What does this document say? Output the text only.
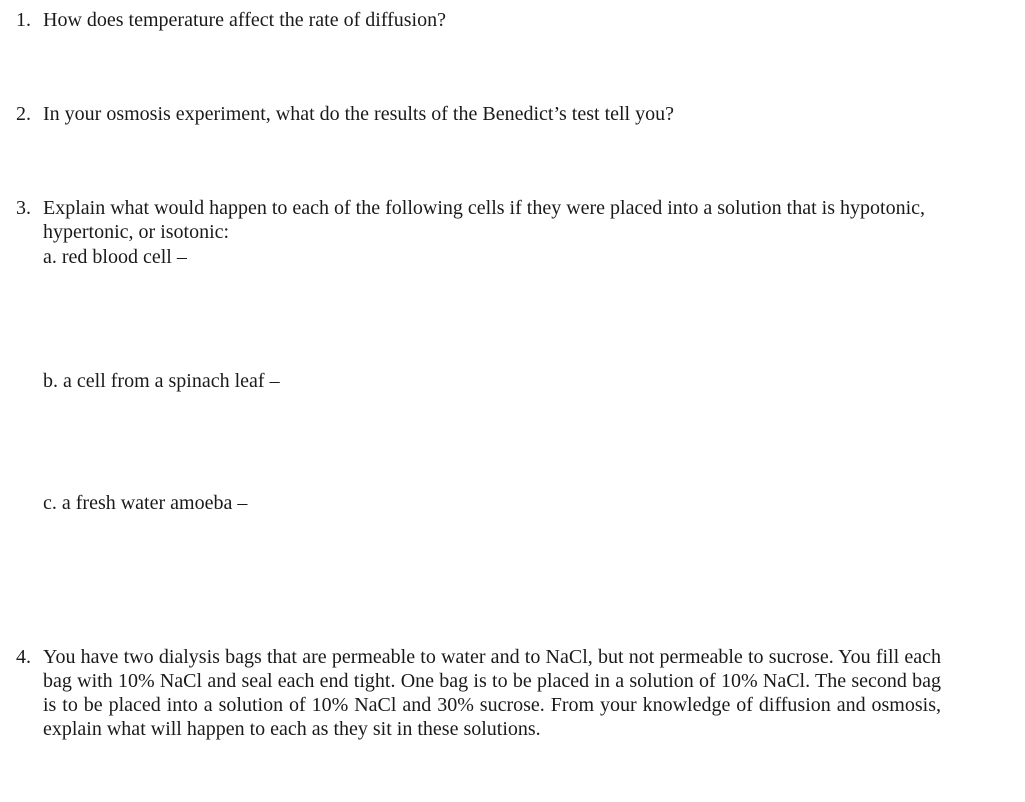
1. How does temperature affect the rate of diffusion?
2. In your osmosis experiment, what do the results of the Benedict’s test tell you?
3. Explain what would happen to each of the following cells if they were placed into a solution that is hypotonic, hypertonic, or isotonic:
a. red blood cell –
b. a cell from a spinach leaf –
c. a fresh water amoeba –
4. You have two dialysis bags that are permeable to water and to NaCl, but not permeable to sucrose. You fill each bag with 10% NaCl and seal each end tight. One bag is to be placed in a solution of 10% NaCl. The second bag is to be placed into a solution of 10% NaCl and 30% sucrose. From your knowledge of diffusion and osmosis, explain what will happen to each as they sit in these solutions.
